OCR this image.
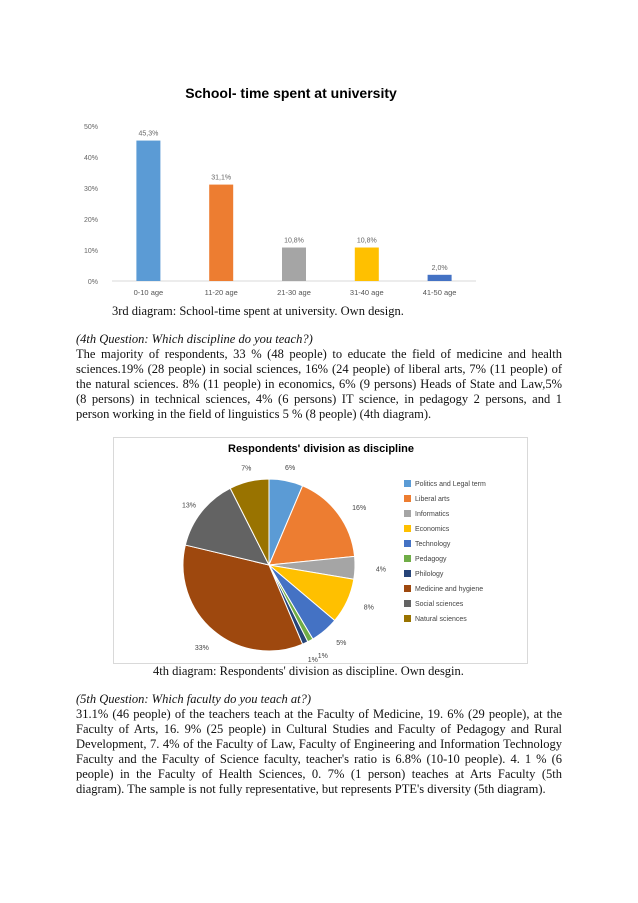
School- time spent at university
0%
10%
20%
30%
40%
50%
45,3%
0-10 age
31,1%
11-20 age
10,8%
21-30 age
10,8%
31-40 age
2,0%
41-50 age
3rd diagram: School-time spent at university. Own design.
(4th Question: Which discipline do you teach?)
The majority of respondents, 33 % (48 people) to educate the field of medicine and health sciences.19% (28 people) in social sciences, 16% (24 people) of liberal arts, 7% (11 people) of the natural sciences. 8% (11 people) in economics, 6% (9 persons) Heads of State and Law,5% (8 persons) in technical sciences, 4% (6 persons) IT science, in pedagogy 2 persons, and 1 person working in the field of linguistics 5 % (8 people) (4th diagram).
Respondents' division as discipline
6%
16%
4%
8%
5%
1%
1%
33%
13%
7%
Politics and Legal term
Liberal arts
Informatics
Economics
Technology
Pedagogy
Philology
Medicine and hygiene
Social sciences
Natural sciences
4th diagram: Respondents' division as discipline. Own desgin.
(5th Question: Which faculty do you teach at?)
31.1% (46 people) of the teachers teach at the Faculty of Medicine, 19. 6% (29 people), at the Faculty of Arts, 16. 9% (25 people) in Cultural Studies and Faculty of Pedagogy and Rural Development, 7. 4% of the Faculty of Law, Faculty of Engineering and Information Technology Faculty and the Faculty of Science faculty, teacher's ratio is 6.8% (10-10 people). 4. 1 % (6 people) in the Faculty of Health Sciences, 0. 7% (1 person) teaches at Arts Faculty (5th diagram). The sample is not fully representative, but represents PTE's diversity (5th diagram).
